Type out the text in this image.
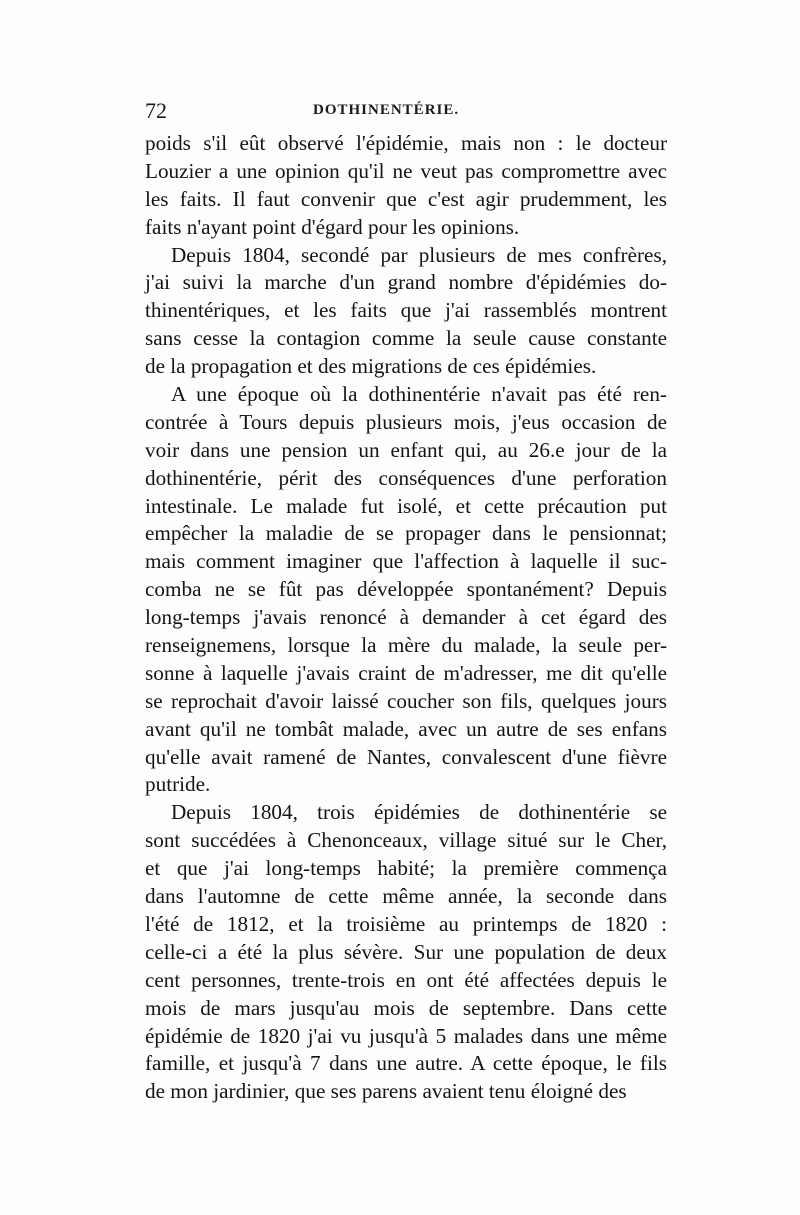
72	DOTHINENTÉRIE.
poids s'il eût observé l'épidémie, mais non : le docteur
Louzier a une opinion qu'il ne veut pas compromettre avec
les faits. Il faut convenir que c'est agir prudemment, les
faits n'ayant point d'égard pour les opinions.
Depuis 1804, secondé par plusieurs de mes confrères,
j'ai suivi la marche d'un grand nombre d'épidémies do-
thinentériques, et les faits que j'ai rassemblés montrent
sans cesse la contagion comme la seule cause constante
de la propagation et des migrations de ces épidémies.
A une époque où la dothinentérie n'avait pas été ren-
contrée à Tours depuis plusieurs mois, j'eus occasion de
voir dans une pension un enfant qui, au 26.e jour de la
dothinentérie, périt des conséquences d'une perforation
intestinale. Le malade fut isolé, et cette précaution put
empêcher la maladie de se propager dans le pensionnat;
mais comment imaginer que l'affection à laquelle il suc-
comba ne se fût pas développée spontanément? Depuis
long-temps j'avais renoncé à demander à cet égard des
renseignemens, lorsque la mère du malade, la seule per-
sonne à laquelle j'avais craint de m'adresser, me dit qu'elle
se reprochait d'avoir laissé coucher son fils, quelques jours
avant qu'il ne tombât malade, avec un autre de ses enfans
qu'elle avait ramené de Nantes, convalescent d'une fièvre
putride.
Depuis 1804, trois épidémies de dothinentérie se
sont succédées à Chenonceaux, village situé sur le Cher,
et que j'ai long-temps habité; la première commença
dans l'automne de cette même année, la seconde dans
l'été de 1812, et la troisième au printemps de 1820 :
celle-ci a été la plus sévère. Sur une population de deux
cent personnes, trente-trois en ont été affectées depuis le
mois de mars jusqu'au mois de septembre. Dans cette
épidémie de 1820 j'ai vu jusqu'à 5 malades dans une même
famille, et jusqu'à 7 dans une autre. A cette époque, le fils
de mon jardinier, que ses parens avaient tenu éloigné des
